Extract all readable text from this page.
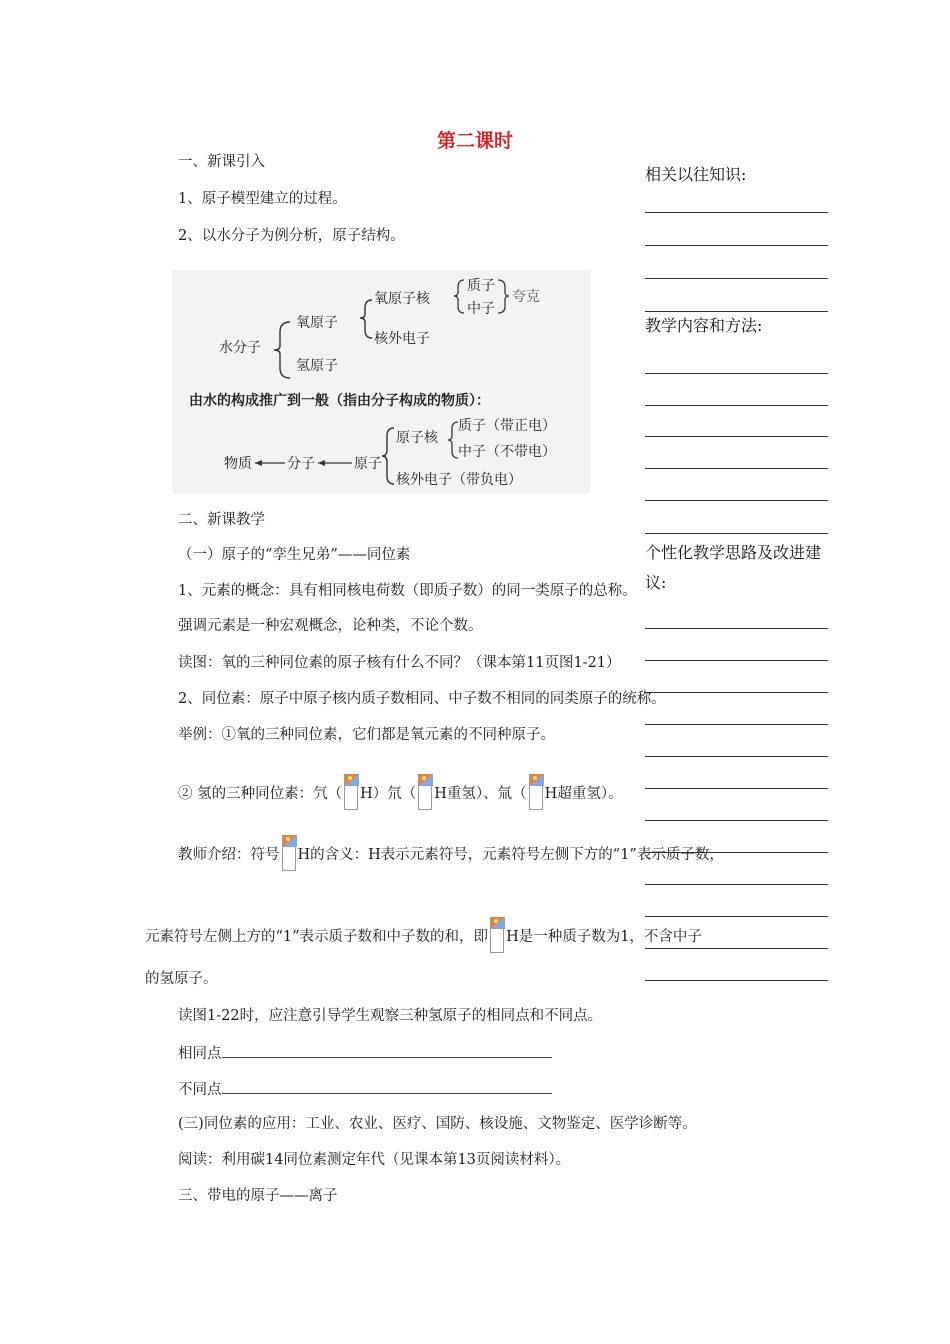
第二课时
相关以往知识:
教学内容和方法:
个性化教学思路及改进建议:
一、新课引入
1、原子模型建立的过程。
2、以水分子为例分析，原子结构。
水分子
氧原子
氢原子
氧原子核
核外电子
质子
中子
夸克
由水的构成推广到一般（指由分子构成的物质）：
物质	分子	原子
原子核
核外电子（带负电）
质子（带正电）
中子（不带电）
二、新课教学
（一）原子的“孪生兄弟”——同位素
1、元素的概念：具有相同核电荷数（即质子数）的同一类原子的总称。
强调元素是一种宏观概念，论种类，不论个数。
读图：氧的三种同位素的原子核有什么不同？（课本第11页图1-21）
2、同位素：原子中原子核内质子数相同、中子数不相同的同类原子的统称。
举例：①氧的三种同位素，它们都是氧元素的不同种原子。
② 氢的三种同位素：氕（ H）氘（ H重氢）、氚（ H超重氢）。
教师介绍：符号 H的含义：H表示元素符号，元素符号左侧下方的“1”表示质子数，
元素符号左侧上方的“1”表示质子数和中子数的和，即 H是一种质子数为1，不含中子
的氢原子。
读图1-22时，应注意引导学生观察三种氢原子的相同点和不同点。
相同点
不同点
(三)同位素的应用：工业、农业、医疗、国防、核设施、文物鉴定、医学诊断等。
阅读：利用碳14同位素测定年代（见课本第13页阅读材料）。
三、带电的原子——离子
